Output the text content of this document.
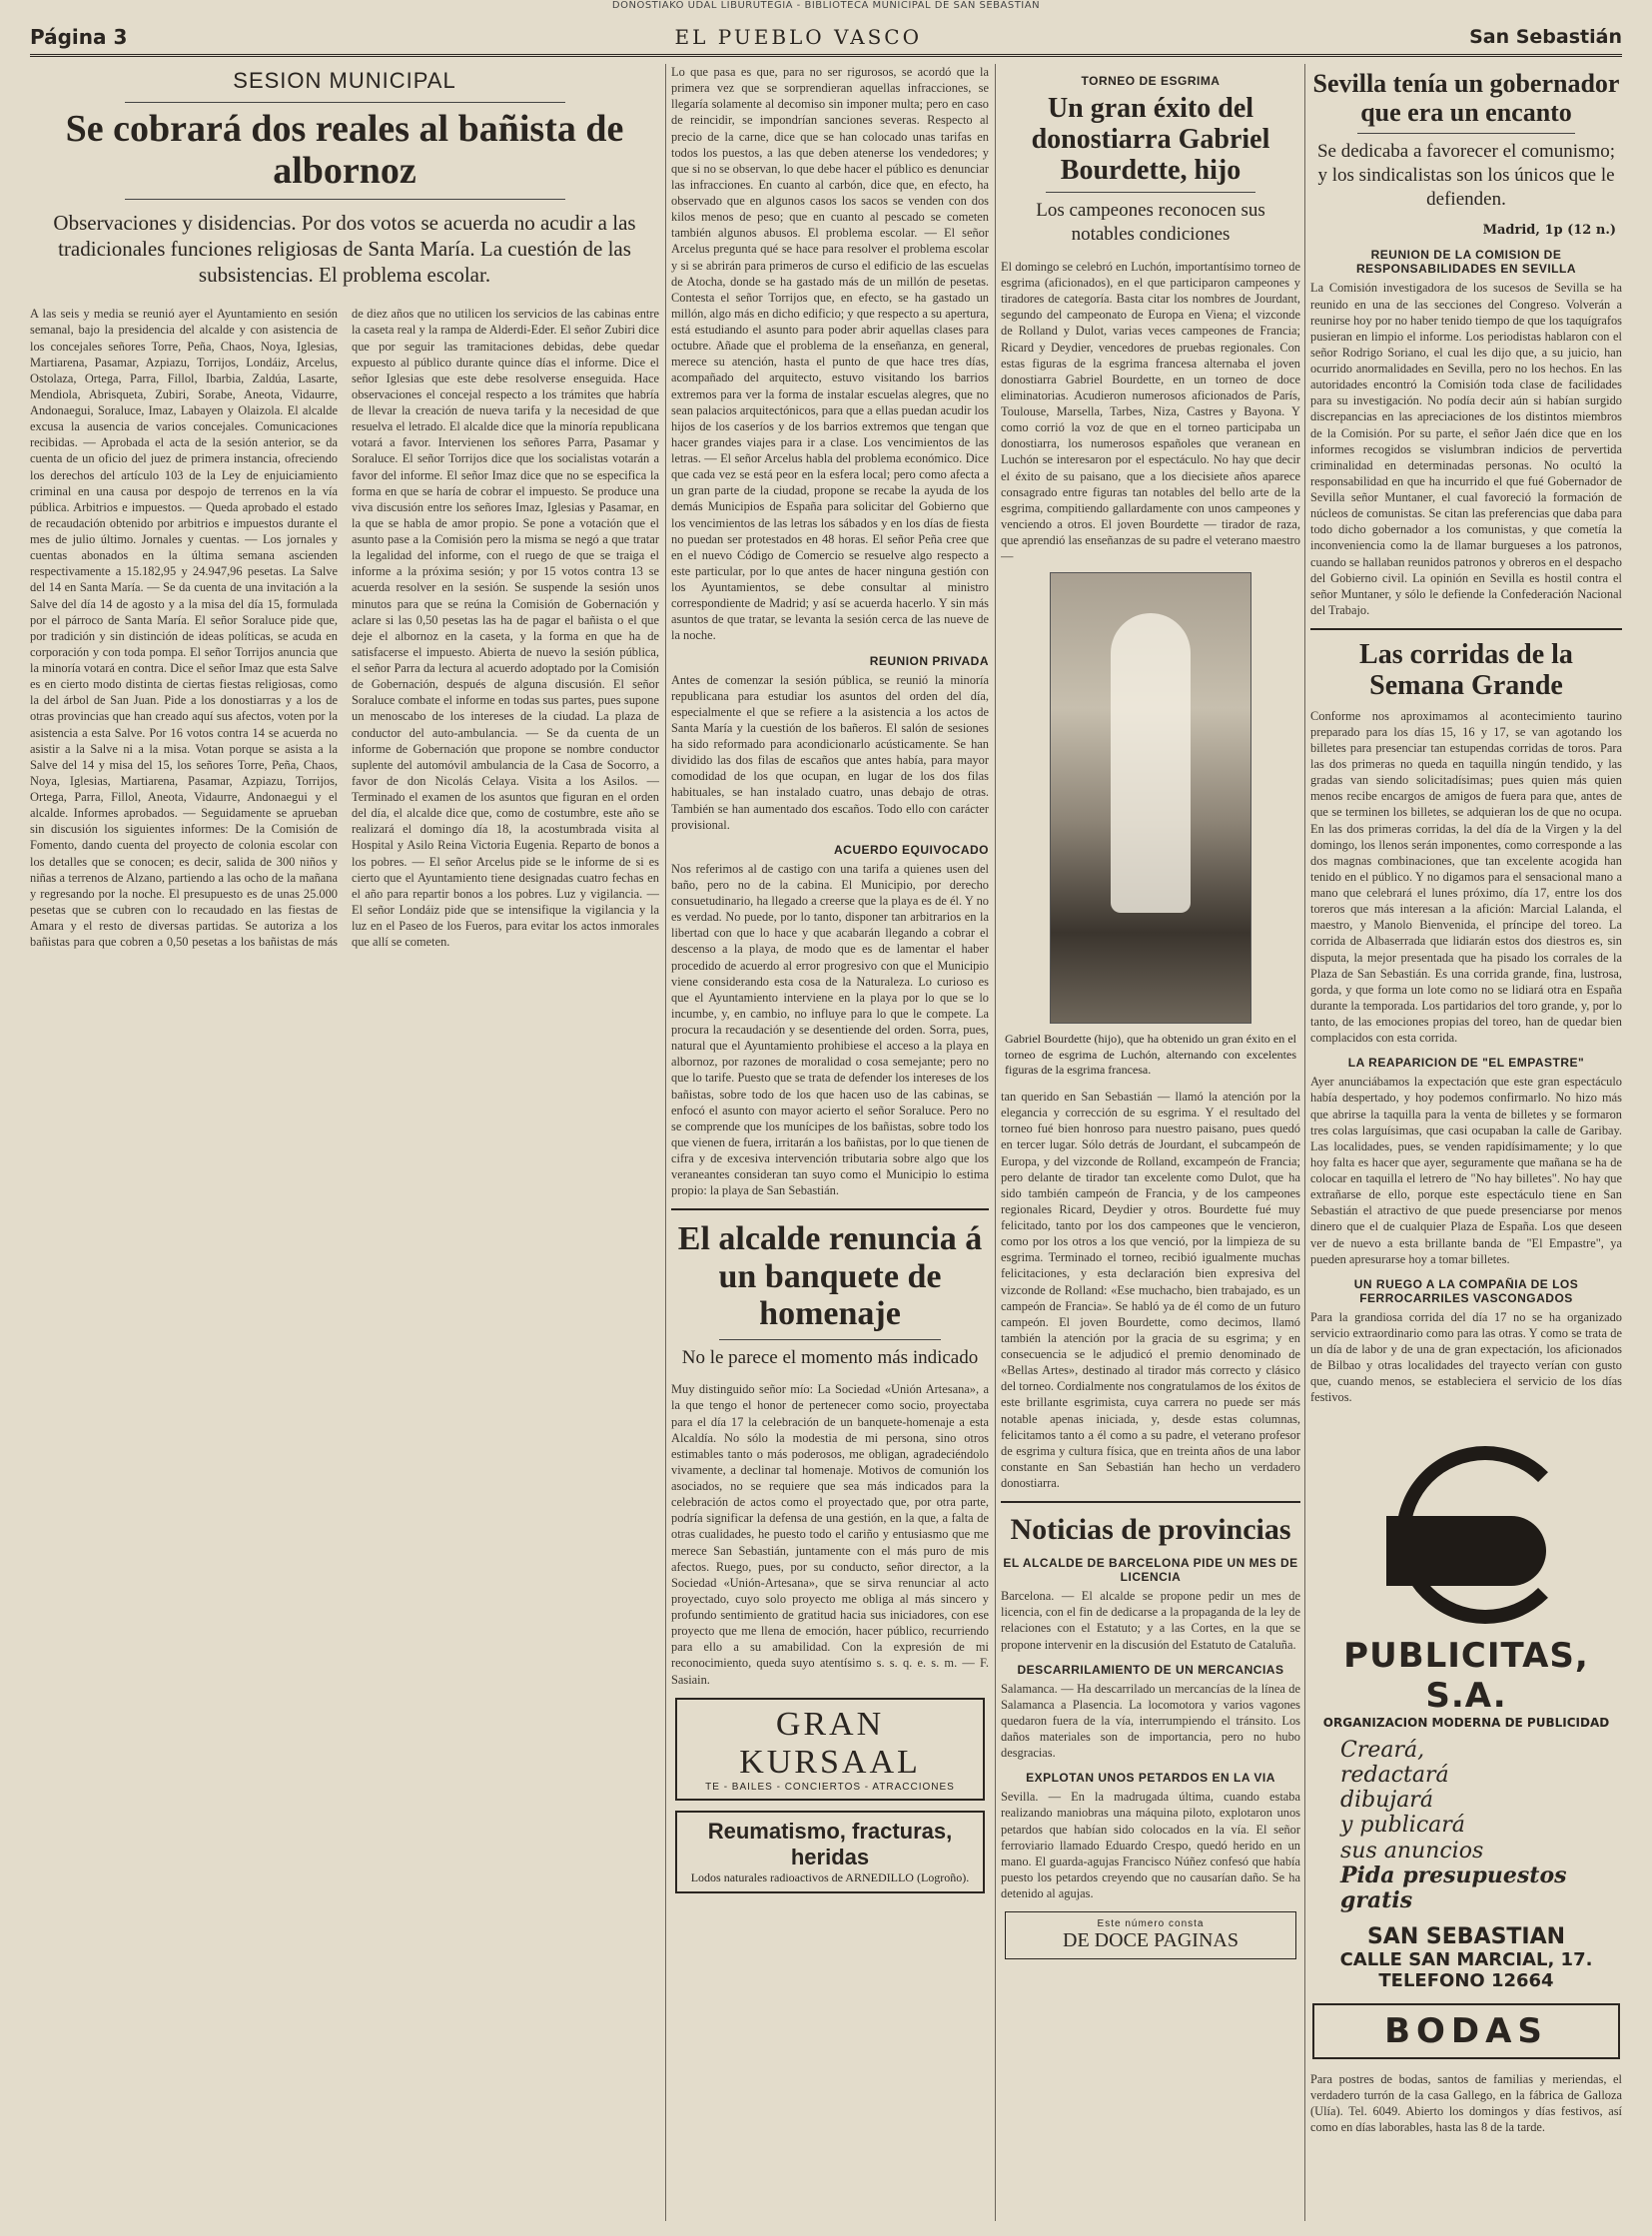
DONOSTIAKO UDAL LIBURUTEGIA - BIBLIOTECA MUNICIPAL DE SAN SEBASTIAN
Página 3	EL PUEBLO VASCO	San Sebastián
SESION MUNICIPAL
Se cobrará dos reales al bañista de albornoz
Observaciones y disidencias. Por dos votos se acuerda no acudir a las tradicionales funciones religiosas de Santa María. La cuestión de las subsistencias. El problema escolar.

A las seis y media se reunió ayer el Ayuntamiento en sesión semanal, bajo la presidencia del alcalde y con asistencia de los concejales señores Torre, Peña, Chaos, Noya, Iglesias, Martiarena, Pasamar, Azpiazu, Torrijos, Londáiz, Arcelus, Ostolaza, Ortega, Parra, Fillol, Ibarbia, Zaldúa, Lasarte, Mendiola, Abrisqueta, Zubiri, Sorabe, Aneota, Vidaurre, Andonaegui, Soraluce, Imaz, Labayen y Olaizola. El alcalde excusa la ausencia de varios concejales. Comunicaciones recibidas. — Aprobada el acta de la sesión anterior, se da cuenta de un oficio del juez de primera instancia, ofreciendo los derechos del artículo 103 de la Ley de enjuiciamiento criminal en una causa por despojo de terrenos en la vía pública. Arbitrios e impuestos. — Queda aprobado el estado de recaudación obtenido por arbitrios e impuestos durante el mes de julio último. Jornales y cuentas. — Los jornales y cuentas abonados en la última semana ascienden respectivamente a 15.182,95 y 24.947,96 pesetas. La Salve del 14 en Santa María. — Se da cuenta de una invitación a la Salve del día 14 de agosto y a la misa del día 15, formulada por el párroco de Santa María. El señor Soraluce pide que, por tradición y sin distinción de ideas políticas, se acuda en corporación y con toda pompa. El señor Torrijos anuncia que la minoría votará en contra. Dice el señor Imaz que esta Salve es en cierto modo distinta de ciertas fiestas religiosas, como la del árbol de San Juan. Pide a los donostiarras y a los de otras provincias que han creado aquí sus afectos, voten por la asistencia a esta Salve. Por 16 votos contra 14 se acuerda no asistir a la Salve ni a la misa. Votan porque se asista a la Salve del 14 y misa del 15, los señores Torre, Peña, Chaos, Noya, Iglesias, Martiarena, Pasamar, Azpiazu, Torrijos, Ortega, Parra, Fillol, Aneota, Vidaurre, Andonaegui y el alcalde. Informes aprobados. — Seguidamente se aprueban sin discusión los siguientes informes: De la Comisión de Fomento, dando cuenta del proyecto de colonia escolar con los detalles que se conocen; es decir, salida de 300 niños y niñas a terrenos de Alzano, partiendo a las ocho de la mañana y regresando por la noche. El presupuesto es de unas 25.000 pesetas que se cubren con lo recaudado en las fiestas de Amara y el resto de diversas partidas. Se autoriza a los bañistas para que cobren a 0,50 pesetas a los bañistas de más de diez años que no utilicen los servicios de las cabinas entre la caseta real y la rampa de Alderdi-Eder. El señor Zubiri dice que por seguir las tramitaciones debidas, debe quedar expuesto al público durante quince días el informe. Dice el señor Iglesias que este debe resolverse enseguida. Hace observaciones el concejal respecto a los trámites que habría de llevar la creación de nueva tarifa y la necesidad de que resuelva el letrado. El alcalde dice que la minoría republicana votará a favor. Intervienen los señores Parra, Pasamar y Soraluce. El señor Torrijos dice que los socialistas votarán a favor del informe. El señor Imaz dice que no se especifica la forma en que se haría de cobrar el impuesto. Se produce una viva discusión entre los señores Imaz, Iglesias y Pasamar, en la que se habla de amor propio. Se pone a votación que el asunto pase a la Comisión pero la misma se negó a que tratar la legalidad del informe, con el ruego de que se traiga el informe a la próxima sesión; y por 15 votos contra 13 se acuerda resolver en la sesión. Se suspende la sesión unos minutos para que se reúna la Comisión de Gobernación y aclare si las 0,50 pesetas las ha de pagar el bañista o el que deje el albornoz en la caseta, y la forma en que ha de satisfacerse el impuesto. Abierta de nuevo la sesión pública, el señor Parra da lectura al acuerdo adoptado por la Comisión de Gobernación, después de alguna discusión. El señor Soraluce combate el informe en todas sus partes, pues supone un menoscabo de los intereses de la ciudad. La plaza de conductor del auto-ambulancia. — Se da cuenta de un informe de Gobernación que propone se nombre conductor suplente del automóvil ambulancia de la Casa de Socorro, a favor de don Nicolás Celaya. Visita a los Asilos. — Terminado el examen de los asuntos que figuran en el orden del día, el alcalde dice que, como de costumbre, este año se realizará el domingo día 18, la acostumbrada visita al Hospital y Asilo Reina Victoria Eugenia. Reparto de bonos a los pobres. — El señor Arcelus pide se le informe de si es cierto que el Ayuntamiento tiene designadas cuatro fechas en el año para repartir bonos a los pobres. Luz y vigilancia. — El señor Londáiz pide que se intensifique la vigilancia y la luz en el Paseo de los Fueros, para evitar los actos inmorales que allí se cometen.

Lo que pasa es que, para no ser rigurosos, se acordó que la primera vez que se sorprendieran aquellas infracciones, se llegaría solamente al decomiso sin imponer multa; pero en caso de reincidir, se impondrían sanciones severas. Respecto al precio de la carne, dice que se han colocado unas tarifas en todos los puestos, a las que deben atenerse los vendedores; y que si no se observan, lo que debe hacer el público es denunciar las infracciones. En cuanto al carbón, dice que, en efecto, ha observado que en algunos casos los sacos se venden con dos kilos menos de peso; que en cuanto al pescado se cometen también algunos abusos. El problema escolar. — El señor Arcelus pregunta qué se hace para resolver el problema escolar y si se abrirán para primeros de curso el edificio de las escuelas de Atocha, donde se ha gastado más de un millón de pesetas. Contesta el señor Torrijos que, en efecto, se ha gastado un millón, algo más en dicho edificio; y que respecto a su apertura, está estudiando el asunto para poder abrir aquellas clases para octubre. Añade que el problema de la enseñanza, en general, merece su atención, hasta el punto de que hace tres días, acompañado del arquitecto, estuvo visitando los barrios extremos para ver la forma de instalar escuelas alegres, que no sean palacios arquitectónicos, para que a ellas puedan acudir los hijos de los caseríos y de los barrios extremos que tengan que hacer grandes viajes para ir a clase. Los vencimientos de las letras. — El señor Arcelus habla del problema económico. Dice que cada vez se está peor en la esfera local; pero como afecta a un gran parte de la ciudad, propone se recabe la ayuda de los demás Municipios de España para solicitar del Gobierno que los vencimientos de las letras los sábados y en los días de fiesta no puedan ser protestados en 48 horas. El señor Peña cree que en el nuevo Código de Comercio se resuelve algo respecto a este particular, por lo que antes de hacer ninguna gestión con los Ayuntamientos, se debe consultar al ministro correspondiente de Madrid; y así se acuerda hacerlo. Y sin más asuntos de que tratar, se levanta la sesión cerca de las nueve de la noche.

REUNION PRIVADA

Antes de comenzar la sesión pública, se reunió la minoría republicana para estudiar los asuntos del orden del día, especialmente el que se refiere a la asistencia a los actos de Santa María y la cuestión de los bañeros. El salón de sesiones ha sido reformado para acondicionarlo acústicamente. Se han dividido las dos filas de escaños que antes había, para mayor comodidad de los que ocupan, en lugar de los dos filas habituales, se han instalado cuatro, unas debajo de otras. También se han aumentado dos escaños. Todo ello con carácter provisional.

ACUERDO EQUIVOCADO

Nos referimos al de castigo con una tarifa a quienes usen del baño, pero no de la cabina. El Municipio, por derecho consuetudinario, ha llegado a creerse que la playa es de él. Y no es verdad. No puede, por lo tanto, disponer tan arbitrarios en la libertad con que lo hace y que acabarán llegando a cobrar el descenso a la playa, de modo que es de lamentar el haber procedido de acuerdo al error progresivo con que el Municipio viene considerando esta cosa de la Naturaleza. Lo curioso es que el Ayuntamiento interviene en la playa por lo que se lo incumbe, y, en cambio, no influye para lo que le compete. La procura la recaudación y se desentiende del orden. Sorra, pues, natural que el Ayuntamiento prohibiese el acceso a la playa en albornoz, por razones de moralidad o cosa semejante; pero no que lo tarife. Puesto que se trata de defender los intereses de los bañistas, sobre todo de los que hacen uso de las cabinas, se enfocó el asunto con mayor acierto el señor Soraluce. Pero no se comprende que los munícipes de los bañistas, sobre todo los que vienen de fuera, irritarán a los bañistas, por lo que tienen de cifra y de excesiva intervención tributaria sobre algo que los veraneantes consideran tan suyo como el Municipio lo estima propio: la playa de San Sebastián.

El alcalde renuncia á un banquete de homenaje
No le parece el momento más indicado

Muy distinguido señor mío: La Sociedad «Unión Artesana», a la que tengo el honor de pertenecer como socio, proyectaba para el día 17 la celebración de un banquete-homenaje a esta Alcaldía. No sólo la modestia de mi persona, sino otros estimables tanto o más poderosos, me obligan, agradeciéndolo vivamente, a declinar tal homenaje. Motivos de comunión los asociados, no se requiere que sea más indicados para la celebración de actos como el proyectado que, por otra parte, podría significar la defensa de una gestión, en la que, a falta de otras cualidades, he puesto todo el cariño y entusiasmo que me merece San Sebastián, juntamente con el más puro de mis afectos. Ruego, pues, por su conducto, señor director, a la Sociedad «Unión-Artesana», que se sirva renunciar al acto proyectado, cuyo solo proyecto me obliga al más sincero y profundo sentimiento de gratitud hacia sus iniciadores, con ese proyecto que me llena de emoción, hacer público, recurriendo para ello a su amabilidad. Con la expresión de mi reconocimiento, queda suyo atentísimo s. s. q. e. s. m. — F. Sasiain.

GRAN KURSAAL
TE - BAILES - CONCIERTOS - ATRACCIONES
Reumatismo, fracturas, heridas
Lodos naturales radioactivos de ARNEDILLO (Logroño).
TORNEO DE ESGRIMA
Un gran éxito del donostiarra Gabriel Bourdette, hijo
Los campeones reconocen sus notables condiciones

El domingo se celebró en Luchón, importantísimo torneo de esgrima (aficionados), en el que participaron campeones y tiradores de categoría. Basta citar los nombres de Jourdant, segundo del campeonato de Europa en Viena; el vizconde de Rolland y Dulot, varias veces campeones de Francia; Ricard y Deydier, vencedores de pruebas regionales. Con estas figuras de la esgrima francesa alternaba el joven donostiarra Gabriel Bourdette, en un torneo de doce eliminatorias. Acudieron numerosos aficionados de París, Toulouse, Marsella, Tarbes, Niza, Castres y Bayona. Y como corrió la voz de que en el torneo participaba un donostiarra, los numerosos españoles que veranean en Luchón se interesaron por el espectáculo. No hay que decir el éxito de su paisano, que a los diecisiete años aparece consagrado entre figuras tan notables del bello arte de la esgrima, compitiendo gallardamente con unos campeones y venciendo a otros. El joven Bourdette — tirador de raza, que aprendió las enseñanzas de su padre el veterano maestro —

Gabriel Bourdette (hijo), que ha obtenido un gran éxito en el torneo de esgrima de Luchón, alternando con excelentes figuras de la esgrima francesa.

tan querido en San Sebastián — llamó la atención por la elegancia y corrección de su esgrima. Y el resultado del torneo fué bien honroso para nuestro paisano, pues quedó en tercer lugar. Sólo detrás de Jourdant, el subcampeón de Europa, y del vizconde de Rolland, excampeón de Francia; pero delante de tirador tan excelente como Dulot, que ha sido también campeón de Francia, y de los campeones regionales Ricard, Deydier y otros. Bourdette fué muy felicitado, tanto por los dos campeones que le vencieron, como por los otros a los que venció, por la limpieza de su esgrima. Terminado el torneo, recibió igualmente muchas felicitaciones, y esta declaración bien expresiva del vizconde de Rolland: «Ese muchacho, bien trabajado, es un campeón de Francia». Se habló ya de él como de un futuro campeón. El joven Bourdette, como decimos, llamó también la atención por la gracia de su esgrima; y en consecuencia se le adjudicó el premio denominado de «Bellas Artes», destinado al tirador más correcto y clásico del torneo. Cordialmente nos congratulamos de los éxitos de este brillante esgrimista, cuya carrera no puede ser más notable apenas iniciada, y, desde estas columnas, felicitamos tanto a él como a su padre, el veterano profesor de esgrima y cultura física, que en treinta años de una labor constante en San Sebastián han hecho un verdadero donostiarra.

Noticias de provincias
EL ALCALDE DE BARCELONA PIDE UN MES DE LICENCIA

Barcelona. — El alcalde se propone pedir un mes de licencia, con el fin de dedicarse a la propaganda de la ley de relaciones con el Estatuto; y a las Cortes, en la que se propone intervenir en la discusión del Estatuto de Cataluña.

DESCARRILAMIENTO DE UN MERCANCIAS

Salamanca. — Ha descarrilado un mercancías de la línea de Salamanca a Plasencia. La locomotora y varios vagones quedaron fuera de la vía, interrumpiendo el tránsito. Los daños materiales son de importancia, pero no hubo desgracias.

EXPLOTAN UNOS PETARDOS EN LA VIA

Sevilla. — En la madrugada última, cuando estaba realizando maniobras una máquina piloto, explotaron unos petardos que habían sido colocados en la vía. El señor ferroviario llamado Eduardo Crespo, quedó herido en un mano. El guarda-agujas Francisco Núñez confesó que había puesto los petardos creyendo que no causarían daño. Se ha detenido al agujas.

Este número consta
DE DOCE PAGINAS
Sevilla tenía un gobernador que era un encanto
Se dedicaba a favorecer el comunismo; y los sindicalistas son los únicos que le defienden.
Madrid, 1p (12 n.)
REUNION DE LA COMISION DE RESPONSABILIDADES EN SEVILLA

La Comisión investigadora de los sucesos de Sevilla se ha reunido en una de las secciones del Congreso. Volverán a reunirse hoy por no haber tenido tiempo de que los taquígrafos pusieran en limpio el informe. Los periodistas hablaron con el señor Rodrigo Soriano, el cual les dijo que, a su juicio, han ocurrido anormalidades en Sevilla, pero no los hechos. En las autoridades encontró la Comisión toda clase de facilidades para su investigación. No podía decir aún si habían surgido discrepancias en las apreciaciones de los distintos miembros de la Comisión. Por su parte, el señor Jaén dice que en los informes recogidos se vislumbran indicios de pervertida criminalidad en determinadas personas. No ocultó la responsabilidad en que ha incurrido el que fué Gobernador de Sevilla señor Muntaner, el cual favoreció la formación de núcleos de comunistas. Se citan las preferencias que daba para todo dicho gobernador a los comunistas, y que cometía la inconveniencia como la de llamar burgueses a los patronos, cuando se hallaban reunidos patronos y obreros en el despacho del Gobierno civil. La opinión en Sevilla es hostil contra el señor Muntaner, y sólo le defiende la Confederación Nacional del Trabajo.

Las corridas de la Semana Grande

Conforme nos aproximamos al acontecimiento taurino preparado para los días 15, 16 y 17, se van agotando los billetes para presenciar tan estupendas corridas de toros. Para las dos primeras no queda en taquilla ningún tendido, y las gradas van siendo solicitadísimas; pues quien más quien menos recibe encargos de amigos de fuera para que, antes de que se terminen los billetes, se adquieran los de que no ocupa. En las dos primeras corridas, la del día de la Virgen y la del domingo, los llenos serán imponentes, como corresponde a las dos magnas combinaciones, que tan excelente acogida han tenido en el público. Y no digamos para el sensacional mano a mano que celebrará el lunes próximo, día 17, entre los dos toreros que más interesan a la afición: Marcial Lalanda, el maestro, y Manolo Bienvenida, el príncipe del toreo. La corrida de Albaserrada que lidiarán estos dos diestros es, sin disputa, la mejor presentada que ha pisado los corrales de la Plaza de San Sebastián. Es una corrida grande, fina, lustrosa, gorda, y que forma un lote como no se lidiará otra en España durante la temporada. Los partidarios del toro grande, y, por lo tanto, de las emociones propias del toreo, han de quedar bien complacidos con esta corrida.

LA REAPARICION DE "EL EMPASTRE"

Ayer anunciábamos la expectación que este gran espectáculo había despertado, y hoy podemos confirmarlo. No hizo más que abrirse la taquilla para la venta de billetes y se formaron tres colas larguísimas, que casi ocupaban la calle de Garibay. Las localidades, pues, se venden rapidísimamente; y lo que hoy falta es hacer que ayer, seguramente que mañana se ha de colocar en taquilla el letrero de "No hay billetes". No hay que extrañarse de ello, porque este espectáculo tiene en San Sebastián el atractivo de que puede presenciarse por menos dinero que el de cualquier Plaza de España. Los que deseen ver de nuevo a esta brillante banda de "El Empastre", ya pueden apresurarse hoy a tomar billetes.

UN RUEGO A LA COMPAÑIA DE LOS FERROCARRILES VASCONGADOS

Para la grandiosa corrida del día 17 no se ha organizado servicio extraordinario como para las otras. Y como se trata de un día de labor y de una de gran expectación, los aficionados de Bilbao y otras localidades del trayecto verían con gusto que, cuando menos, se estableciera el servicio de los días festivos.

PUBLICITAS, S.A.
ORGANIZACION MODERNA DE PUBLICIDAD
Creará,
redactará
dibujará
y publicará
sus anuncios
Pida presupuestos gratis
SAN SEBASTIAN
CALLE SAN MARCIAL, 17.
TELEFONO 12664
BODAS

Para postres de bodas, santos de familias y meriendas, el verdadero turrón de la casa Gallego, en la fábrica de Galloza (Ulía). Tel. 6049. Abierto los domingos y días festivos, así como en días laborables, hasta las 8 de la tarde.
